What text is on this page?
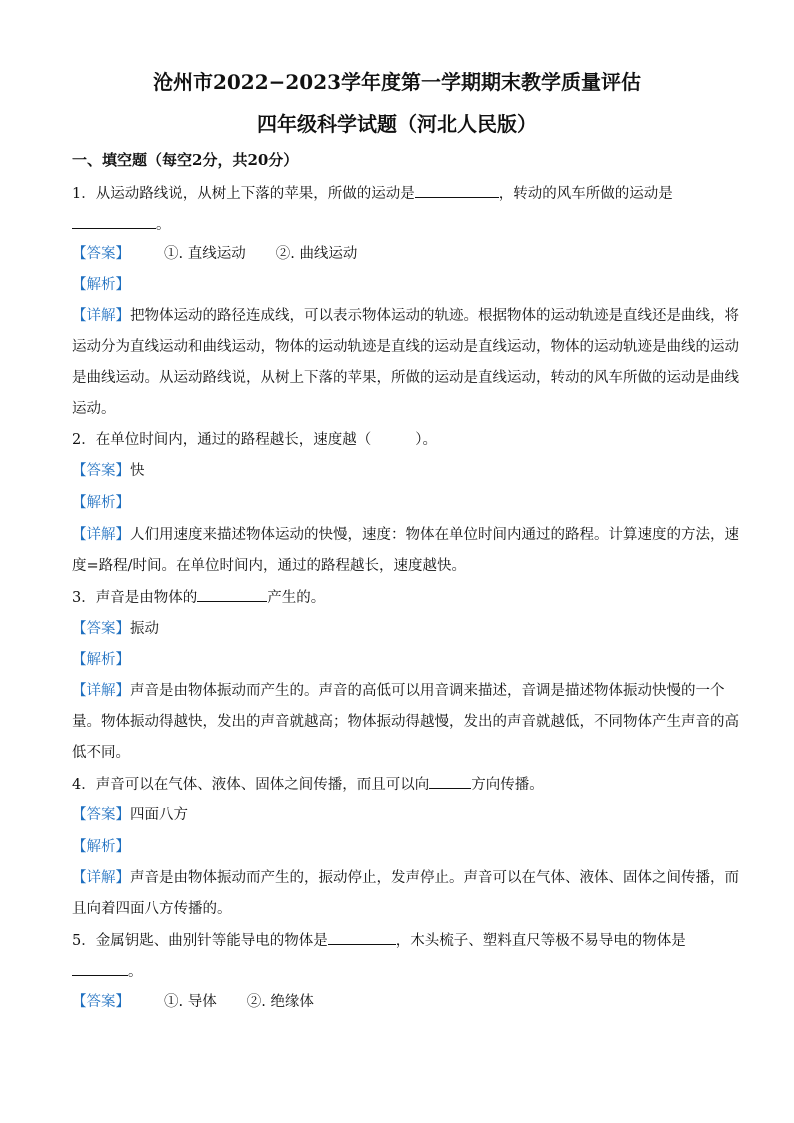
沧州市2022−2023学年度第一学期期末教学质量评估
四年级科学试题（河北人民版）
一、填空题（每空2分，共20分）
1．从运动路线说，从树上下落的苹果，所做的运动是	，转动的风车所做的运动是
。
【答案】 ①. 直线运动 ②. 曲线运动
【解析】
【详解】把物体运动的路径连成线，可以表示物体运动的轨迹。根据物体的运动轨迹是直线还是曲线，将
运动分为直线运动和曲线运动，物体的运动轨迹是直线的运动是直线运动，物体的运动轨迹是曲线的运动
是曲线运动。从运动路线说，从树上下落的苹果，所做的运动是直线运动，转动的风车所做的运动是曲线
运动。
2．在单位时间内，通过的路程越长，速度越（	）。
【答案】快
【解析】
【详解】人们用速度来描述物体运动的快慢，速度：物体在单位时间内通过的路程。计算速度的方法，速
度=路程/时间。在单位时间内，通过的路程越长，速度越快。
3．声音是由物体的	产生的。
【答案】振动
【解析】
【详解】声音是由物体振动而产生的。声音的高低可以用音调来描述，音调是描述物体振动快慢的一个
量。物体振动得越快，发出的声音就越高；物体振动得越慢，发出的声音就越低，不同物体产生声音的高
低不同。
4．声音可以在气体、液体、固体之间传播，而且可以向	方向传播。
【答案】四面八方
【解析】
【详解】声音是由物体振动而产生的，振动停止，发声停止。声音可以在气体、液体、固体之间传播，而
且向着四面八方传播的。
5．金属钥匙、曲别针等能导电的物体是	，木头梳子、塑料直尺等极不易导电的物体是
。
【答案】 ①. 导体 ②. 绝缘体
